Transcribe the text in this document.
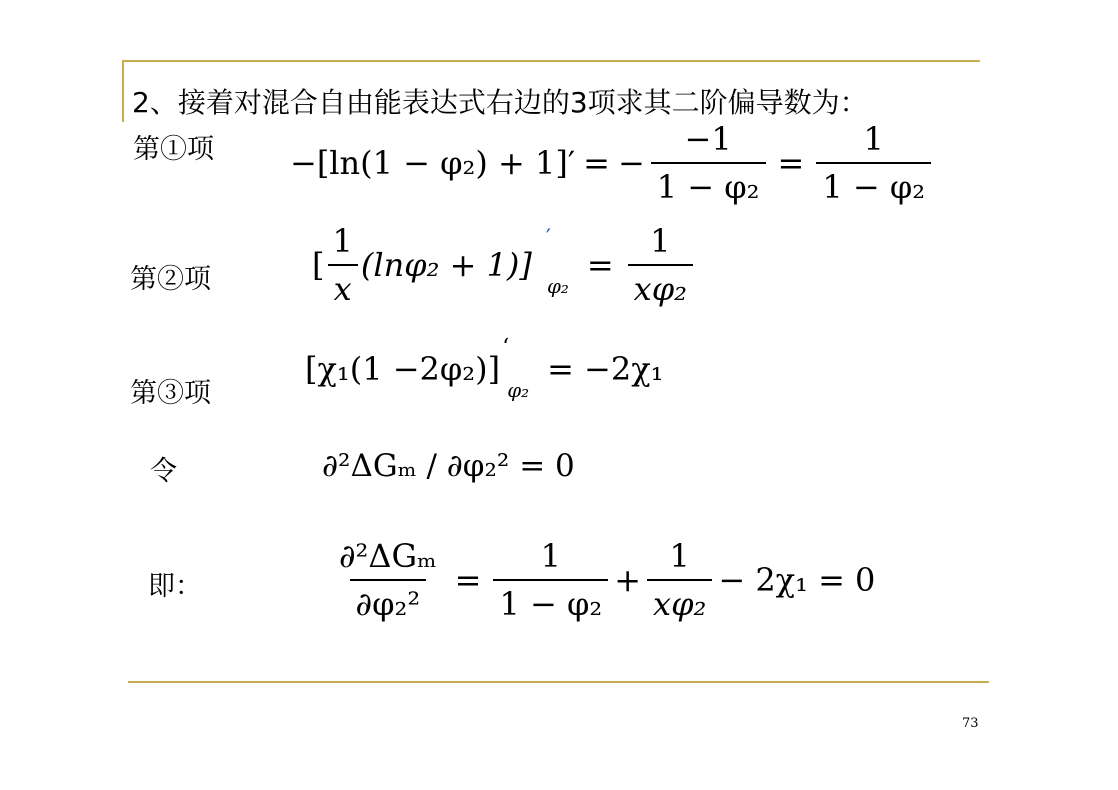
2、接着对混合自由能表达式右边的3项求其二阶偏导数为：
第①项
第②项
第③项
令
即：
−[ln(1 − φ₂) + 1]′ = − $\frac{-1}{\text{1 − φ₂}} = \frac{1}{\text{1 − φ₂}}$
[ $\frac{1}{x} (\ln\varphi_2 + 1)$]
′
φ₂
= $\frac{1}{\text{xφ₂}}$
[χ₁(1 −2φ₂)]
‘
φ₂
= −2χ₁
∂²ΔGₘ / ∂φ₂² = 0
$\frac{\text{∂²ΔGₘ}}{\text{∂φ₂²}} = \frac{1}{\text{1 − φ₂}} + \frac{1}{\text{xφ₂}} - 2\chi_1 = 0$
73
